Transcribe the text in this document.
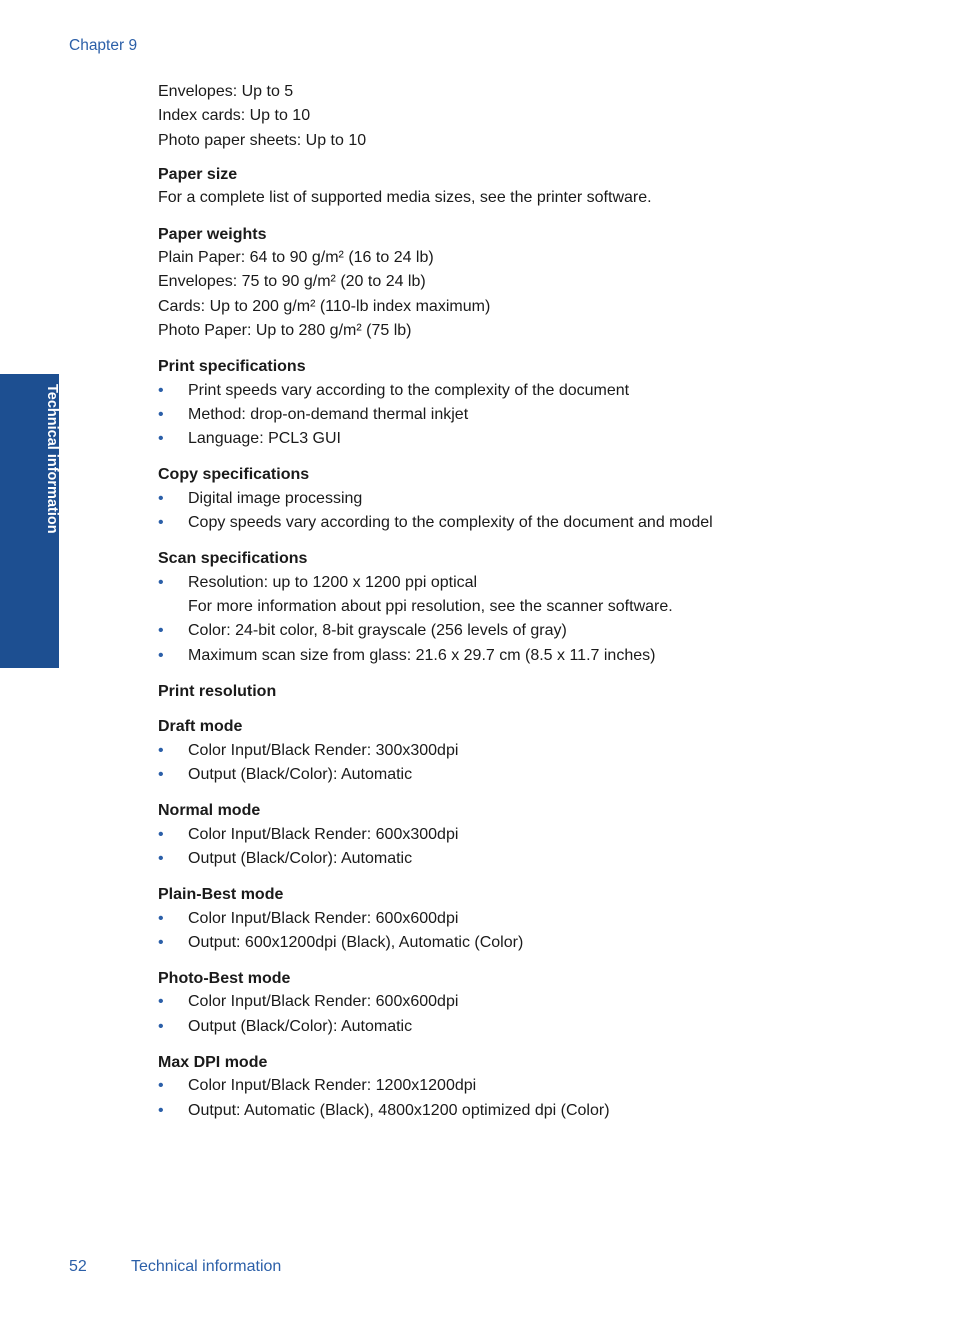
Chapter 9
Technical information
Envelopes: Up to 5
Index cards: Up to 10
Photo paper sheets: Up to 10
Paper size
For a complete list of supported media sizes, see the printer software.
Paper weights
Plain Paper: 64 to 90 g/m² (16 to 24 lb)
Envelopes: 75 to 90 g/m² (20 to 24 lb)
Cards: Up to 200 g/m² (110-lb index maximum)
Photo Paper: Up to 280 g/m² (75 lb)
Print specifications
• Print speeds vary according to the complexity of the document
• Method: drop-on-demand thermal inkjet
• Language: PCL3 GUI
Copy specifications
• Digital image processing
• Copy speeds vary according to the complexity of the document and model
Scan specifications
• Resolution: up to 1200 x 1200 ppi optical
For more information about ppi resolution, see the scanner software.
• Color: 24-bit color, 8-bit grayscale (256 levels of gray)
• Maximum scan size from glass: 21.6 x 29.7 cm (8.5 x 11.7 inches)
Print resolution
Draft mode
• Color Input/Black Render: 300x300dpi
• Output (Black/Color): Automatic
Normal mode
• Color Input/Black Render: 600x300dpi
• Output (Black/Color): Automatic
Plain-Best mode
• Color Input/Black Render: 600x600dpi
• Output: 600x1200dpi (Black), Automatic (Color)
Photo-Best mode
• Color Input/Black Render: 600x600dpi
• Output (Black/Color): Automatic
Max DPI mode
• Color Input/Black Render: 1200x1200dpi
• Output: Automatic (Black), 4800x1200 optimized dpi (Color)
52	Technical information
